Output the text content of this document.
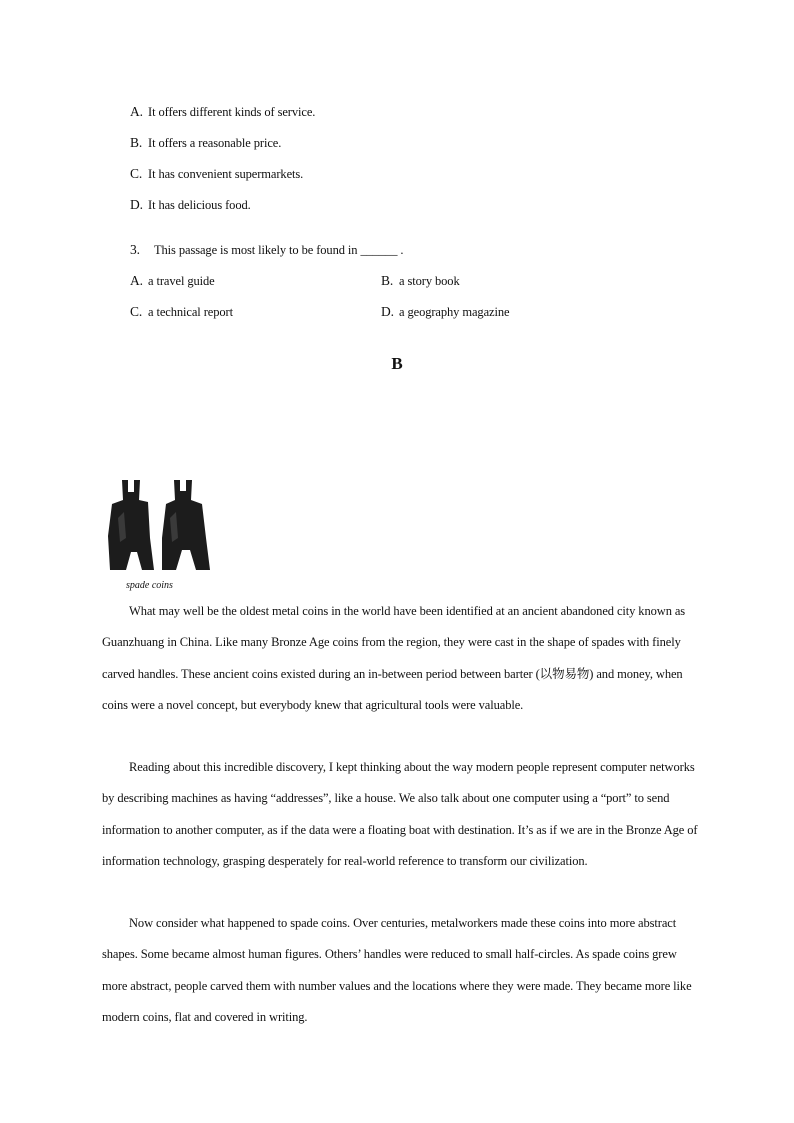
A. It offers different kinds of service.
B. It offers a reasonable price.
C. It has convenient supermarkets.
D. It has delicious food.
3. This passage is most likely to be found in ______ .
A. a travel guide	B. a story book
C. a technical report	D. a geography magazine
B
spade coins
What may well be the oldest metal coins in the world have been identified at an ancient abandoned city known as Guanzhuang in China. Like many Bronze Age coins from the region, they were cast in the shape of spades with finely carved handles. These ancient coins existed during an in-between period between barter (以物易物) and money, when coins were a novel concept, but everybody knew that agricultural tools were valuable.
Reading about this incredible discovery, I kept thinking about the way modern people represent computer networks by describing machines as having “addresses”, like a house. We also talk about one computer using a “port” to send information to another computer, as if the data were a floating boat with destination. It’s as if we are in the Bronze Age of information technology, grasping desperately for real-world reference to transform our civilization.
Now consider what happened to spade coins. Over centuries, metalworkers made these coins into more abstract shapes. Some became almost human figures. Others’ handles were reduced to small half-circles. As spade coins grew more abstract, people carved them with number values and the locations where they were made. They became more like modern coins, flat and covered in writing.
